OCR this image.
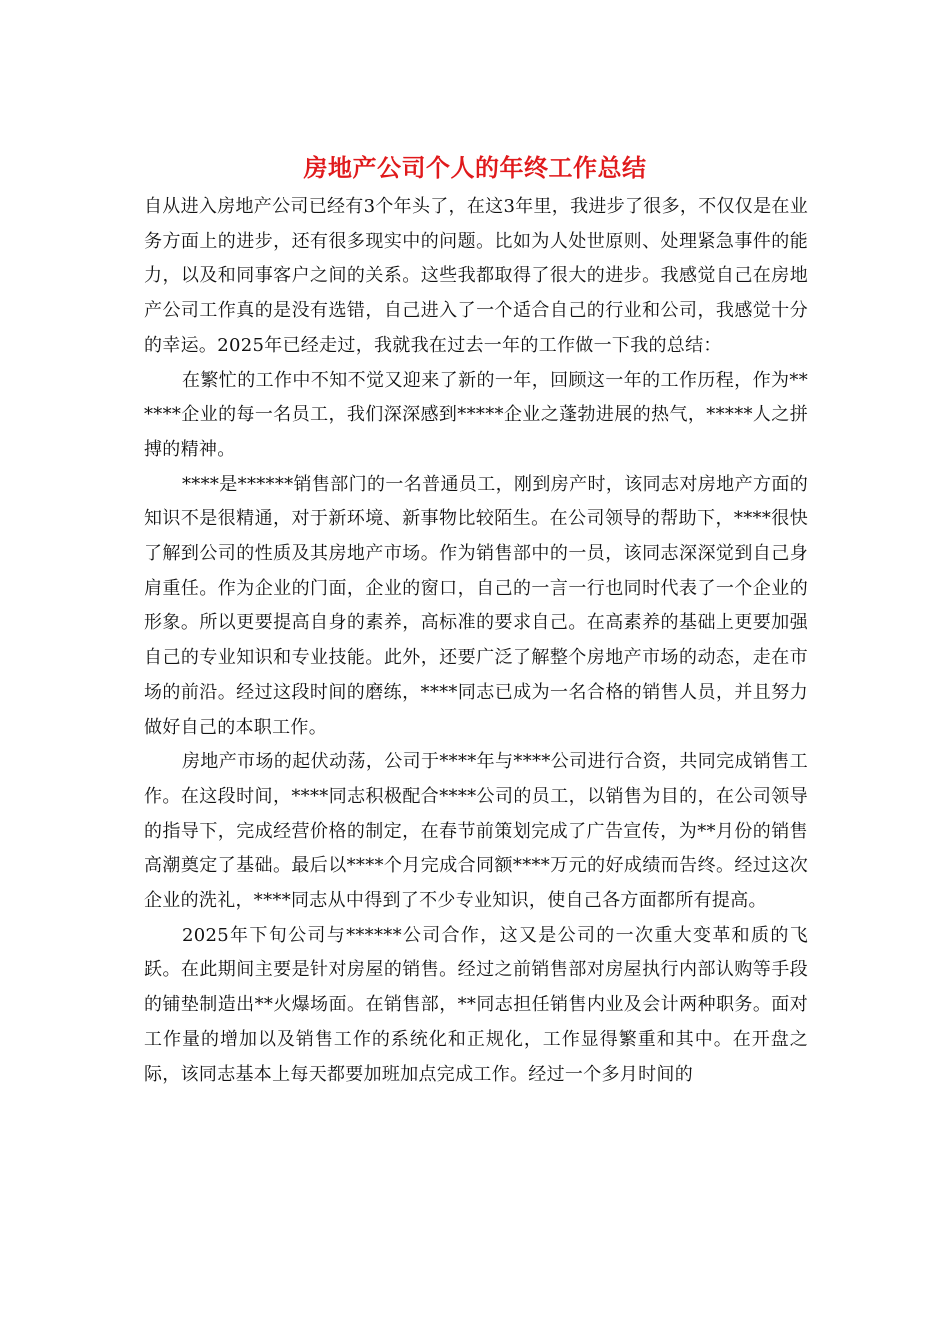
房地产公司个人的年终工作总结

自从进入房地产公司已经有3个年头了，在这3年里，我进步了很多，不仅仅是在业务方面上的进步，还有很多现实中的问题。比如为人处世原则、处理紧急事件的能力，以及和同事客户之间的关系。这些我都取得了很大的进步。我感觉自己在房地产公司工作真的是没有选错，自己进入了一个适合自己的行业和公司，我感觉十分的幸运。2025年已经走过，我就我在过去一年的工作做一下我的总结：

在繁忙的工作中不知不觉又迎来了新的一年，回顾这一年的工作历程，作为******企业的每一名员工，我们深深感到*****企业之蓬勃进展的热气，*****人之拼搏的精神。

****是******销售部门的一名普通员工，刚到房产时，该同志对房地产方面的知识不是很精通，对于新环境、新事物比较陌生。在公司领导的帮助下，****很快了解到公司的性质及其房地产市场。作为销售部中的一员，该同志深深觉到自己身肩重任。作为企业的门面，企业的窗口，自己的一言一行也同时代表了一个企业的形象。所以更要提高自身的素养，高标准的要求自己。在高素养的基础上更要加强自己的专业知识和专业技能。此外，还要广泛了解整个房地产市场的动态，走在市场的前沿。经过这段时间的磨练，****同志已成为一名合格的销售人员，并且努力做好自己的本职工作。

房地产市场的起伏动荡，公司于****年与****公司进行合资，共同完成销售工作。在这段时间，****同志积极配合****公司的员工，以销售为目的，在公司领导的指导下，完成经营价格的制定，在春节前策划完成了广告宣传，为**月份的销售高潮奠定了基础。最后以****个月完成合同额****万元的好成绩而告终。经过这次企业的洗礼，****同志从中得到了不少专业知识，使自己各方面都所有提高。

2025年下旬公司与******公司合作，这又是公司的一次重大变革和质的飞跃。在此期间主要是针对房屋的销售。经过之前销售部对房屋执行内部认购等手段的铺垫制造出**火爆场面。在销售部，**同志担任销售内业及会计两种职务。面对工作量的增加以及销售工作的系统化和正规化，工作显得繁重和其中。在开盘之际，该同志基本上每天都要加班加点完成工作。经过一个多月时间的
